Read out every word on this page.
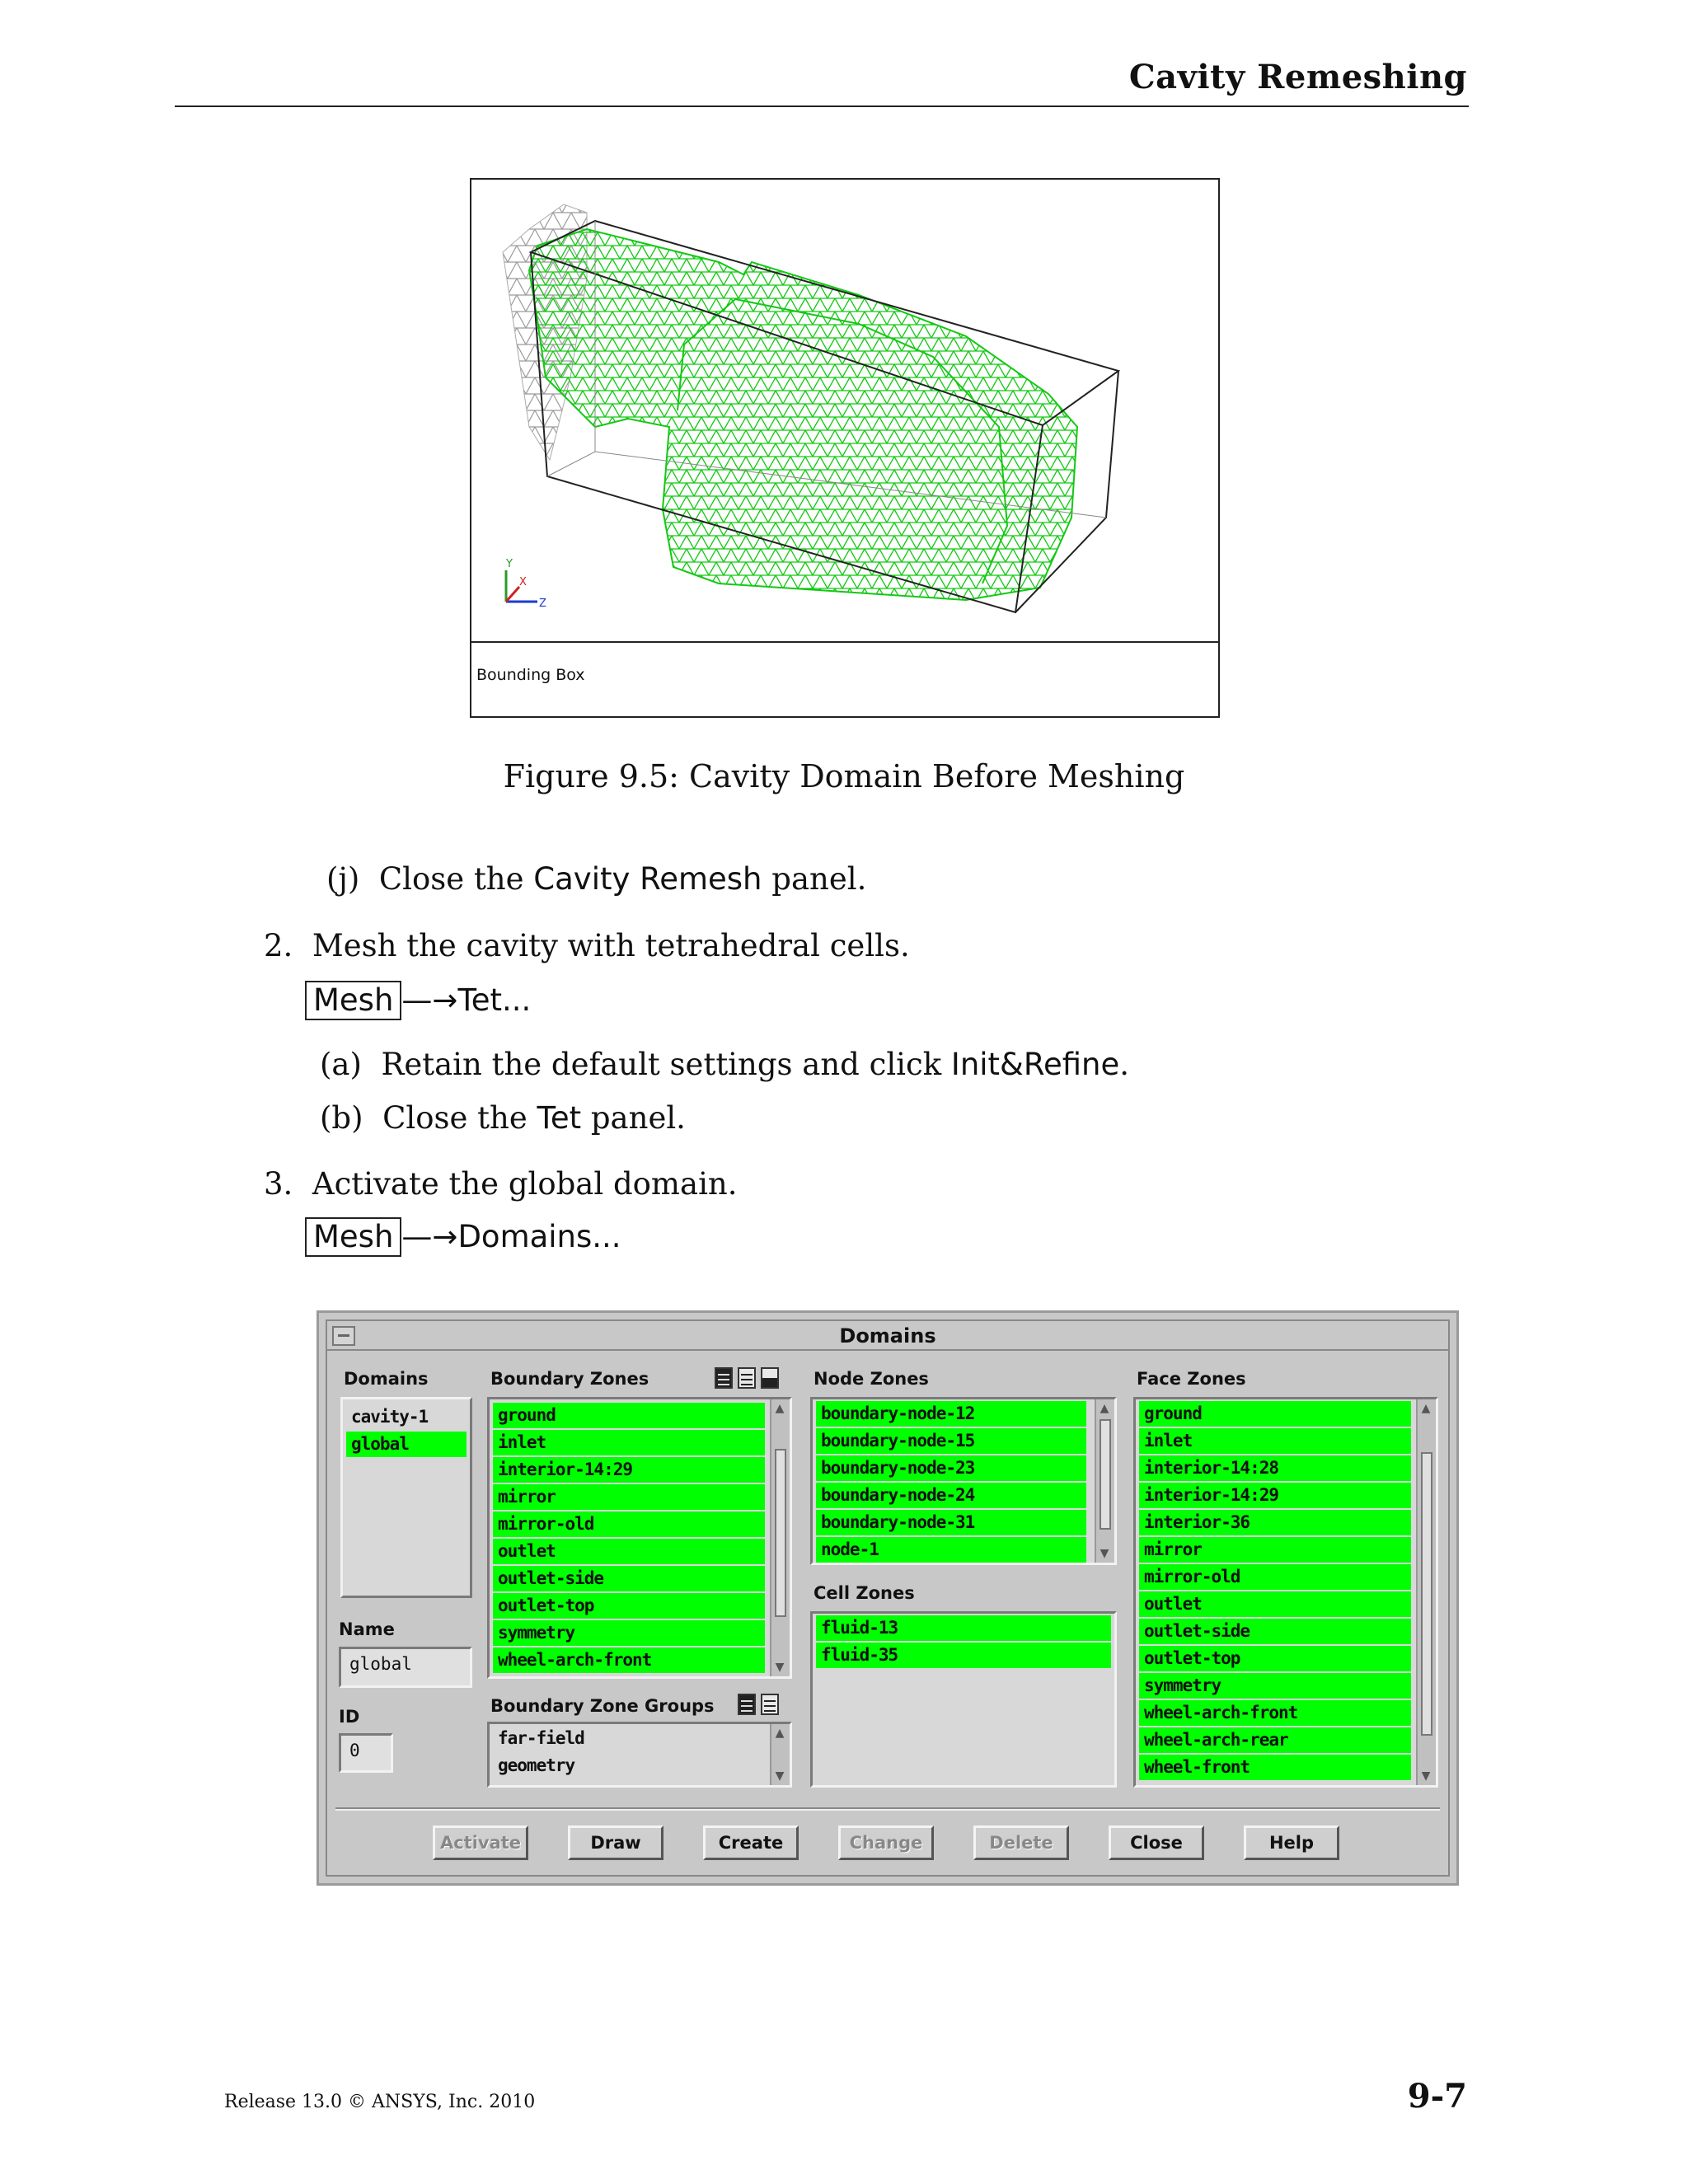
Cavity Remeshing
Y
X
Z
Bounding Box
Figure 9.5: Cavity Domain Before Meshing
(j) Close the Cavity Remesh panel.
2. Mesh the cavity with tetrahedral cells.
Mesh —→Tet...
(a) Retain the default settings and click Init&Refine.
(b) Close the Tet panel.
3. Activate the global domain.
Mesh —→Domains...
Domains
Domains
cavity-1
global
Name
global
ID
0
Boundary Zones
ground
inlet
interior-14:29
mirror
mirror-old
outlet
outlet-side
outlet-top
symmetry
wheel-arch-front
▲
▼
Boundary Zone Groups
far-field
geometry
▲
▼
Node Zones
boundary-node-12
boundary-node-15
boundary-node-23
boundary-node-24
boundary-node-31
node-1
▲
▼
Cell Zones
fluid-13
fluid-35
Face Zones
ground
inlet
interior-14:28
interior-14:29
interior-36
mirror
mirror-old
outlet
outlet-side
outlet-top
symmetry
wheel-arch-front
wheel-arch-rear
wheel-front
▲
▼
Activate	Draw	Create	Change	Delete	Close	Help
Release 13.0 © ANSYS, Inc. 2010	9-7
